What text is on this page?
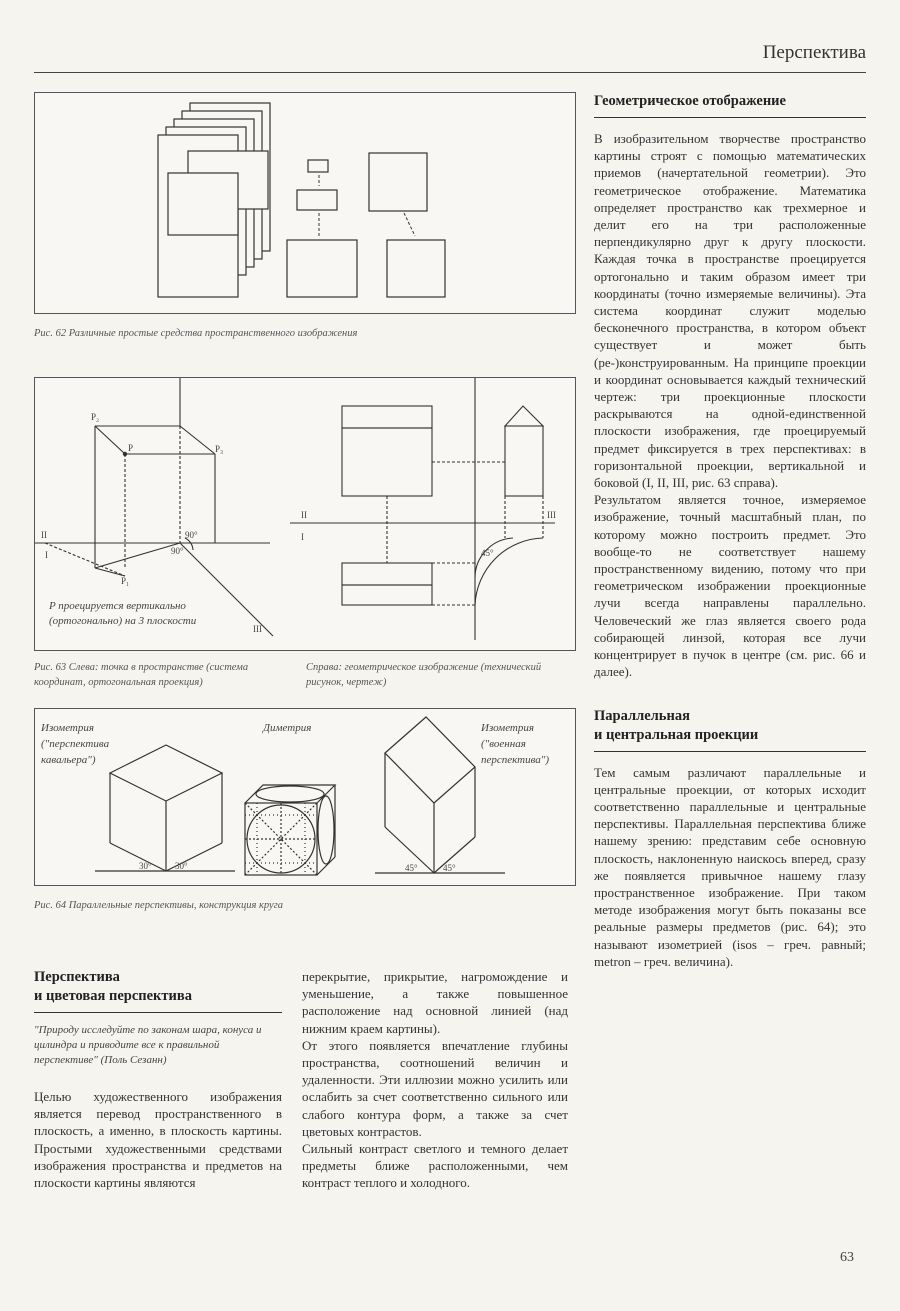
Перспектива
Рис. 62 Различные простые средства пространственного изображения
P₂
P	P₃
P₁
II
I
III
90°
90°	45°
II
I
III
P проецируется вертикально
(ортогонально) на 3 плоскости
Рис. 63 Слева: точка в пространстве (система координат, ортогональная проекция)
Справа: геометрическое изображение (технический рисунок, чертеж)
Изометрия
("перспектива
кавальера")
Диметрия	Изометрия
("военная
перспектива")
30°	30°	45°	45°
Рис. 64 Параллельные перспективы, конструкция круга
Геометрическое отображение

В изобразительном творчестве пространство картины строят с помощью математических приемов (начертательной геометрии). Это геометрическое отображение. Математика определяет пространство как трехмерное и делит его на три расположенные перпендикулярно друг к другу плоскости. Каждая точка в пространстве проецируется ортогонально и таким образом имеет три координаты (точно измеряемые величины). Эта система координат служит моделью бесконечного пространства, в котором объект существует и может быть (ре-)конструированным. На принципе проекции и координат основывается каждый технический чертеж: три проекционные плоскости раскрываются на одной-единственной плоскости изображения, где проецируемый предмет фиксируется в трех перспективах: в горизонтальной проекции, вертикальной и боковой (I, II, III, рис. 63 справа).

Результатом является точное, измеряемое изображение, точный масштабный план, по которому можно построить предмет. Это вообще-то не соответствует нашему пространственному видению, потому что при геометрическом изображении проекционные лучи всегда направлены параллельно. Человеческий же глаз является своего рода собирающей линзой, которая все лучи концентрирует в пучок в центре (см. рис. 66 и далее).

Параллельная
и центральная проекции

Тем самым различают параллельные и центральные проекции, от которых исходит соответственно параллельные и центральные перспективы. Параллельная перспектива ближе нашему зрению: представим себе основную плоскость, наклоненную наискось вперед, сразу же появляется привычное нашему глазу пространственное изображение. При таком методе изображения могут быть показаны все реальные размеры предметов (рис. 64); это называют изометрией (isos – греч. равный; metron – греч. величина).

Перспектива
и цветовая перспектива
"Природу исследуйте по законам шара, конуса и цилиндра и приводите все к правильной перспективе" (Поль Сезанн)

Целью художественного изображения является перевод пространственного в плоскость, а именно, в плоскость картины. Простыми художественными средствами изображения пространства и предметов на плоскости картины являются

перекрытие, прикрытие, нагромождение и уменьшение, а также повышенное расположение над основной линией (над нижним краем картины).

От этого появляется впечатление глубины пространства, соотношений величин и удаленности. Эти иллюзии можно усилить или ослабить за счет соответственно сильного или слабого контура форм, а также за счет цветовых контрастов.

Сильный контраст светлого и темного делает предметы ближе расположенными, чем контраст теплого и холодного.

63
